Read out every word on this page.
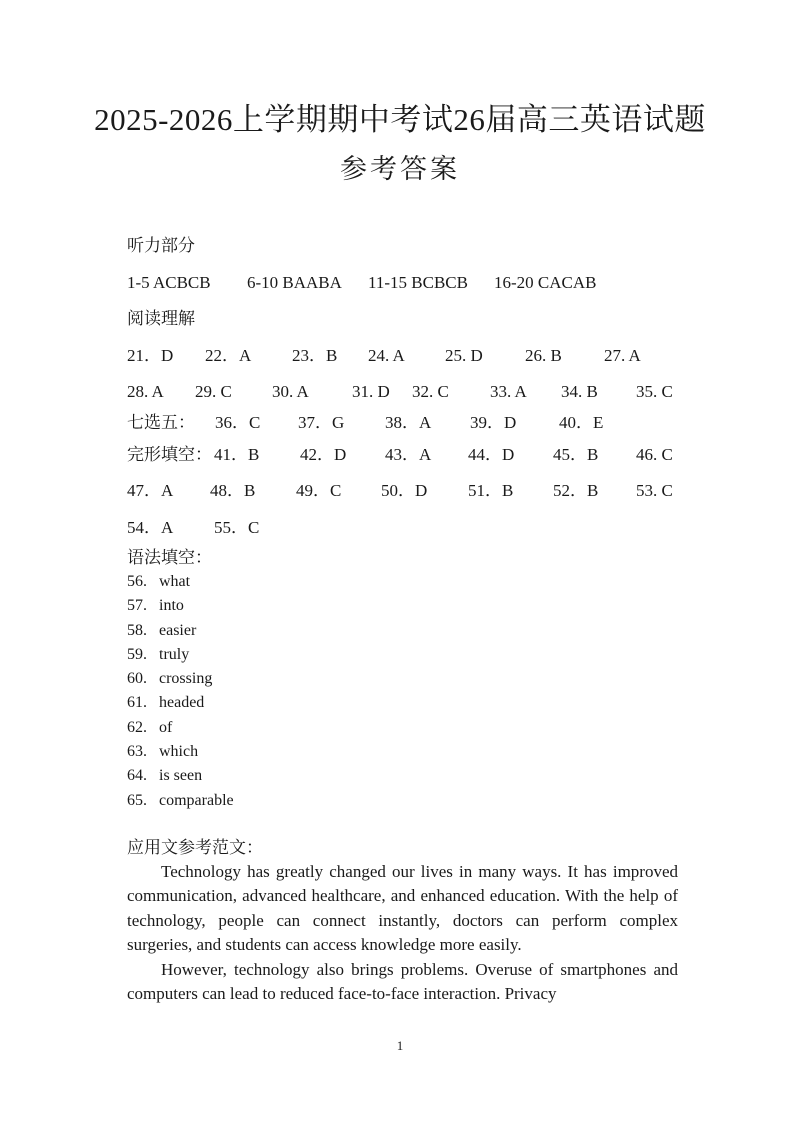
2025-2026上学期期中考试26届高三英语试题
参考答案
听力部分
1-5 ACBCB 6-10 BAABA 11-15 BCBCB 16-20 CACAB
阅读理解
21．D 22．A 23．B 24. A 25. D 26. B 27. A
28. A 29. C 30. A	31. D 32. C 33. A 34. B 35. C
七选五： 36．C 37．G 38．A 39．D	40．E
完形填空： 41．B 42．D 43．A 44．D 45．B 46. C
47．A 48．B 49．C 50．D 51．B 52．B 53. C
54．A 55．C
语法填空：
56. what
57. into
58. easier
59. truly
60. crossing
61. headed
62. of
63. which
64. is seen
65. comparable
应用文参考范文：

Technology has greatly changed our lives in many ways. It has improved communication, advanced healthcare, and enhanced education. With the help of technology, people can connect instantly, doctors can perform complex surgeries, and students can access knowledge more easily.

However, technology also brings problems. Overuse of smartphones and computers can lead to reduced face-to-face interaction. Privacy

1
